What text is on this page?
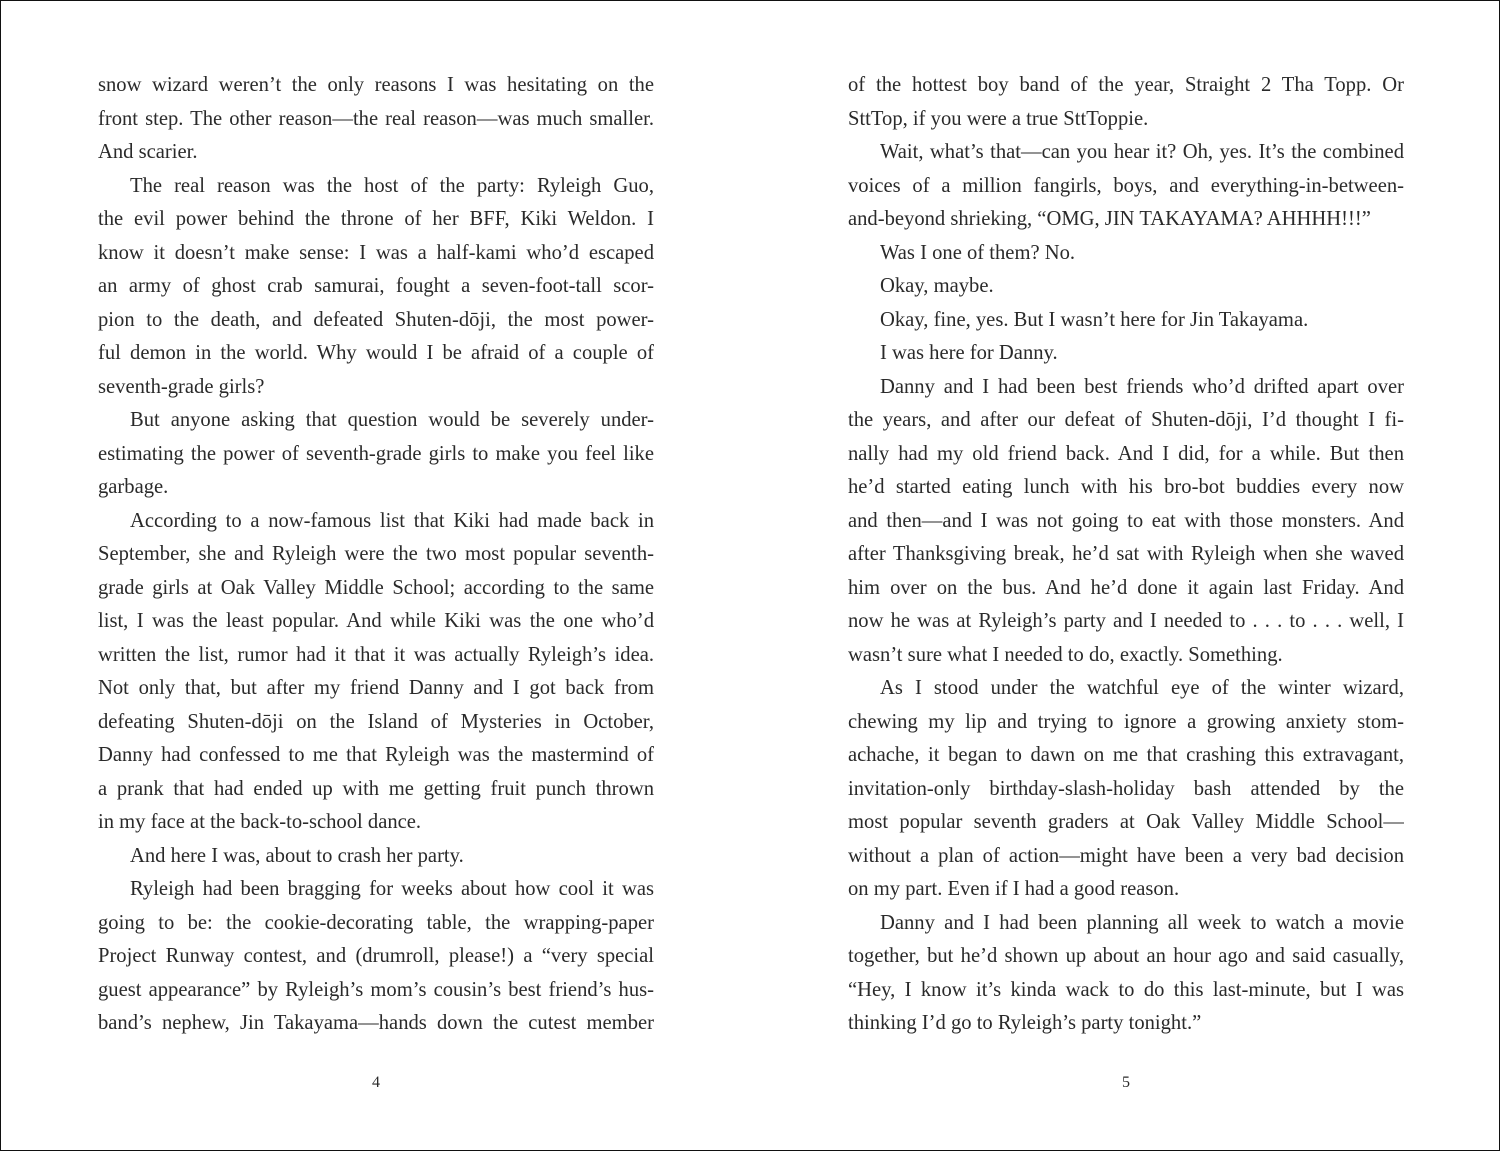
snow wizard weren’t the only reasons I was hesitating on the
front step. The other reason—the real reason—was much smaller.
And scarier.
The real reason was the host of the party: Ryleigh Guo,
the evil power behind the throne of her BFF, Kiki Weldon. I
know it doesn’t make sense: I was a half-kami who’d escaped
an army of ghost crab samurai, fought a seven-foot-tall scor-
pion to the death, and defeated Shuten-dōji, the most power-
ful demon in the world. Why would I be afraid of a couple of
seventh-grade girls?
But anyone asking that question would be severely under-
estimating the power of seventh-grade girls to make you feel like
garbage.
According to a now-famous list that Kiki had made back in
September, she and Ryleigh were the two most popular seventh-
grade girls at Oak Valley Middle School; according to the same
list, I was the least popular. And while Kiki was the one who’d
written the list, rumor had it that it was actually Ryleigh’s idea.
Not only that, but after my friend Danny and I got back from
defeating Shuten-dōji on the Island of Mysteries in October,
Danny had confessed to me that Ryleigh was the mastermind of
a prank that had ended up with me getting fruit punch thrown
in my face at the back-to-school dance.
And here I was, about to crash her party.
Ryleigh had been bragging for weeks about how cool it was
going to be: the cookie-decorating table, the wrapping-paper
Project Runway contest, and (drumroll, please!) a “very special
guest appearance” by Ryleigh’s mom’s cousin’s best friend’s hus-
band’s nephew, Jin Takayama—hands down the cutest member
of the hottest boy band of the year, Straight 2 Tha Topp. Or
SttTop, if you were a true SttToppie.
Wait, what’s that—can you hear it? Oh, yes. It’s the combined
voices of a million fangirls, boys, and everything-in-between-
and-beyond shrieking, “OMG, JIN TAKAYAMA? AHHHH!!!”
Was I one of them? No.
Okay, maybe.
Okay, fine, yes. But I wasn’t here for Jin Takayama.
I was here for Danny.
Danny and I had been best friends who’d drifted apart over
the years, and after our defeat of Shuten-dōji, I’d thought I fi-
nally had my old friend back. And I did, for a while. But then
he’d started eating lunch with his bro-bot buddies every now
and then—and I was not going to eat with those monsters. And
after Thanksgiving break, he’d sat with Ryleigh when she waved
him over on the bus. And he’d done it again last Friday. And
now he was at Ryleigh’s party and I needed to . . . to . . . well, I
wasn’t sure what I needed to do, exactly. Something.
As I stood under the watchful eye of the winter wizard,
chewing my lip and trying to ignore a growing anxiety stom-
achache, it began to dawn on me that crashing this extravagant,
invitation-only birthday-slash-holiday bash attended by the
most popular seventh graders at Oak Valley Middle School—
without a plan of action—might have been a very bad decision
on my part. Even if I had a good reason.
Danny and I had been planning all week to watch a movie
together, but he’d shown up about an hour ago and said casually,
“Hey, I know it’s kinda wack to do this last-minute, but I was
thinking I’d go to Ryleigh’s party tonight.”
4	5
